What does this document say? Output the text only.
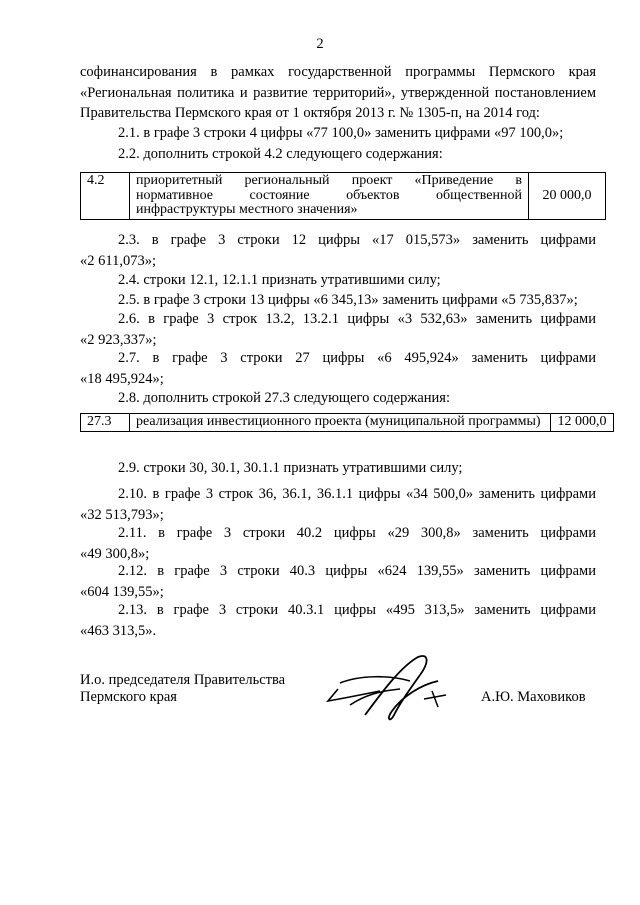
2
софинансирования в рамках государственной программы Пермского края
«Региональная политика и развитие территорий», утвержденной постановлением
Правительства Пермского края от 1 октября 2013 г. № 1305-п, на 2014 год:
2.1. в графе 3 строки 4 цифры «77 100,0» заменить цифрами «97 100,0»;
2.2. дополнить строкой 4.2 следующего содержания:
4.2	приоритетный региональный проект «Приведение в нормативное состояние объектов общественной инфраструктуры местного значения»	20 000,0
2.3. в графе 3 строки 12 цифры «17 015,573» заменить цифрами
«2 611,073»;
2.4. строки 12.1, 12.1.1 признать утратившими силу;
2.5. в графе 3 строки 13 цифры «6 345,13» заменить цифрами «5 735,837»;
2.6. в графе 3 строк 13.2, 13.2.1 цифры «3 532,63» заменить цифрами
«2 923,337»;
2.7. в графе 3 строки 27 цифры «6 495,924» заменить цифрами
«18 495,924»;
2.8. дополнить строкой 27.3 следующего содержания:
27.3	реализация инвестиционного проекта (муниципальной программы)	12 000,0
2.9. строки 30, 30.1, 30.1.1 признать утратившими силу;
2.10. в графе 3 строк 36, 36.1, 36.1.1 цифры «34 500,0» заменить цифрами
«32 513,793»;
2.11. в графе 3 строки 40.2 цифры «29 300,8» заменить цифрами
«49 300,8»;
2.12. в графе 3 строки 40.3 цифры «624 139,55» заменить цифрами
«604 139,55»;
2.13. в графе 3 строки 40.3.1 цифры «495 313,5» заменить цифрами
«463 313,5».
И.о. председателя Правительства
Пермского края	А.Ю. Маховиков
